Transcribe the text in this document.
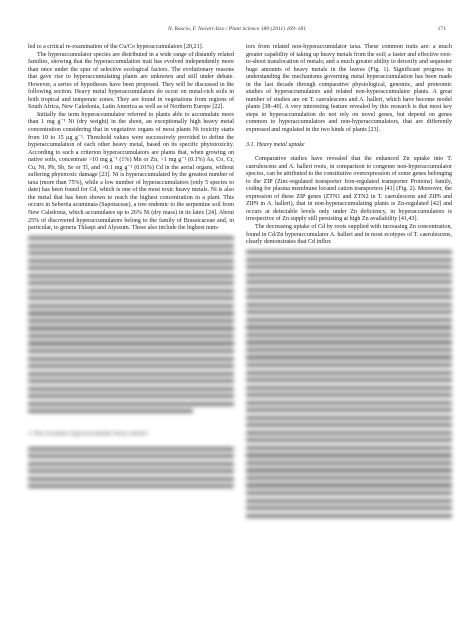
N. Rascio, F. Navari-Izzo / Plant Science 180 (2011) 169–181	171

led to a critical re-examination of the Cu/Co hyperaccumulators [20,21].

The hyperaccumulator species are distributed in a wide range of distantly related families, showing that the hyperaccumulation trait has evolved independently more than once under the spur of selective ecological factors. The evolutionary reasons that gave rise to hyperaccumulating plants are unknown and still under debate. However, a series of hypotheses have been proposed. They will be discussed in the following section. Heavy metal hyperaccumulators do occur on metal-rich soils in both tropical and temperate zones. They are found in vegetations from regions of South Africa, New Caledonia, Latin America as well as of Northern Europe [22].

Initially the term hyperaccumulator referred to plants able to accumulate more than 1 mg g⁻¹ Ni (dry weight) in the shoot, an exceptionally high heavy metal concentration considering that in vegetative organs of most plants Ni toxicity starts from 10 to 15 µg g⁻¹. Threshold values were successively provided to define the hyperaccumulation of each other heavy metal, based on its specific phytotoxicity. According to such a criterion hyperaccumulators are plants that, when growing on native soils, concentrate >10 mg g⁻¹ (1%) Mn or Zn, >1 mg g⁻¹ (0.1%) As, Co, Cr, Cu, Ni, Pb, Sb, Se or Tl, and >0.1 mg g⁻¹ (0.01%) Cd in the aerial organs, without suffering phytotoxic damage [23]. Ni is hyperaccumulated by the greatest number of taxa (more than 75%), while a low number of hyperaccumulators (only 5 species to date) has been found for Cd, which is one of the most toxic heavy metals. Ni is also the metal that has been shown to reach the highest concentration in a plant. This occurs in Sebertia acuminata (Sapotaceae), a tree endemic to the serpentine soil from New Caledonia, which accumulates up to 26% Ni (dry mass) in its latex [24]. About 25% of discovered hyperaccumulators belong to the family of Brassicaceae and, in particular, to genera Thlaspi and Alyssum. These also include the highest num-

3. How do plants hyperaccumulate heavy metals?

tors from related non-hyperaccumulator taxa. These common traits are: a much greater capability of taking up heavy metals from the soil; a faster and effective root-to-shoot translocation of metals; and a much greater ability to detoxify and sequester huge amounts of heavy metals in the leaves (Fig. 1). Significant progress in understanding the mechanisms governing metal hyperaccumulation has been made in the last decade through comparative physiological, genomic, and proteomic studies of hyperaccumulators and related non-hyperaccumulator plants. A great number of studies are on T. caerulescens and A. halleri, which have become model plants [38–40]. A very interesting feature revealed by this research is that most key steps in hyperaccumulation do not rely on novel genes, but depend on genes common to hyperaccumulators and non-hyperaccumulators, that are differently expressed and regulated in the two kinds of plants [23].

3.1. Heavy metal uptake

Comparative studies have revealed that the enhanced Zn uptake into T. caerulescens and A. halleri roots, in comparison to congener non-hyperaccumulator species, can be attributed to the constitutive overexpression of some genes belonging to the ZIP (Zinc-regulated transporter Iron-regulated transporter Proteins) family, coding for plasma membrane located cation transporters [41] (Fig. 2). Moreover, the expression of these ZIP genes (ZTN1 and ZTN2 in T. caerulescens and ZIP6 and ZIP9 in A. halleri), that in non-hyperaccumulating plants is Zn-regulated [42] and occurs at detectable levels only under Zn deficiency, in hyperaccumulators is irrespective of Zn supply still persisting at high Zn availability [41,43].

The decreasing uptake of Cd by roots supplied with increasing Zn concentration, found in Cd/Zn hyperaccumulator A. halleri and in most ecotypes of T. caerulescens, clearly demonstrates that Cd influx
